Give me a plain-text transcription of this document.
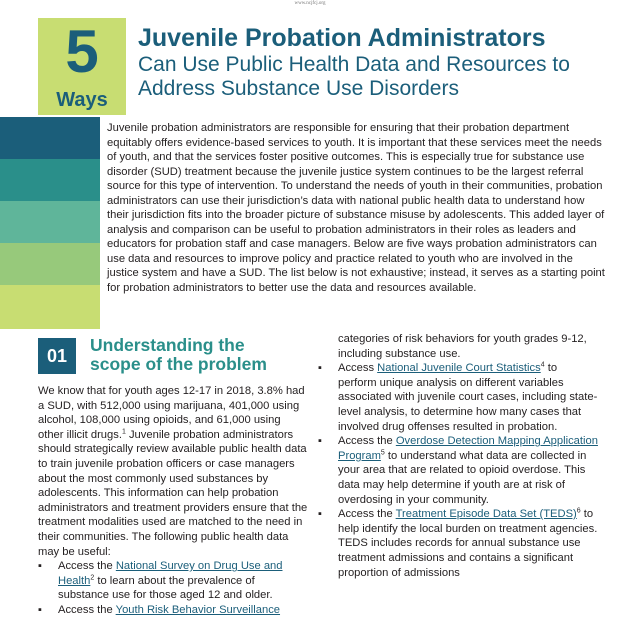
www.ncjfcj.org
5
Ways
Juvenile Probation Administrators
Can Use Public Health Data and Resources to
Address Substance Use Disorders

Juvenile probation administrators are responsible for ensuring that their probation department equitably offers evidence-based services to youth. It is important that these services meet the needs of youth, and that the services foster positive outcomes. This is especially true for substance use disorder (SUD) treatment because the juvenile justice system continues to be the largest referral source for this type of intervention. To understand the needs of youth in their communities, probation administrators can use their jurisdiction’s data with national public health data to understand how their jurisdiction fits into the broader picture of substance misuse by adolescents. This added layer of analysis and comparison can be useful to probation administrators in their roles as leaders and educators for probation staff and case managers. Below are five ways probation administrators can use data and resources to improve policy and practice related to youth who are involved in the justice system and have a SUD. The list below is not exhaustive; instead, it serves as a starting point for probation administrators to better use the data and resources available.

01
Understanding the scope of the problem

We know that for youth ages 12-17 in 2018, 3.8% had a SUD, with 512,000 using marijuana, 401,000 using alcohol, 108,000 using opioids, and 61,000 using other illicit drugs.$^1$ Juvenile probation administrators should strategically review available public health data to train juvenile probation officers or case managers about the most commonly used substances by adolescents. This information can help probation administrators and treatment providers ensure that the treatment modalities used are matched to the need in their communities. The following public health data may be useful:

▪ Access the National Survey on Drug Use and Health$^2$ to learn about the prevalence of substance use for those aged 12 and older.
▪ Access the Youth Risk Behavior Surveillance

categories of risk behaviors for youth grades 9-12, including substance use.

▪ Access National Juvenile Court Statistics$^4$ to perform unique analysis on different variables associated with juvenile court cases, including state-level analysis, to determine how many cases that involved drug offenses resulted in probation.
▪ Access the Overdose Detection Mapping Application Program$^5$ to understand what data are collected in your area that are related to opioid overdose. This data may help determine if youth are at risk of overdosing in your community.
▪ Access the Treatment Episode Data Set (TEDS)$^6$ to help identify the local burden on treatment agencies. TEDS includes records for annual substance use treatment admissions and contains a significant proportion of admissions
